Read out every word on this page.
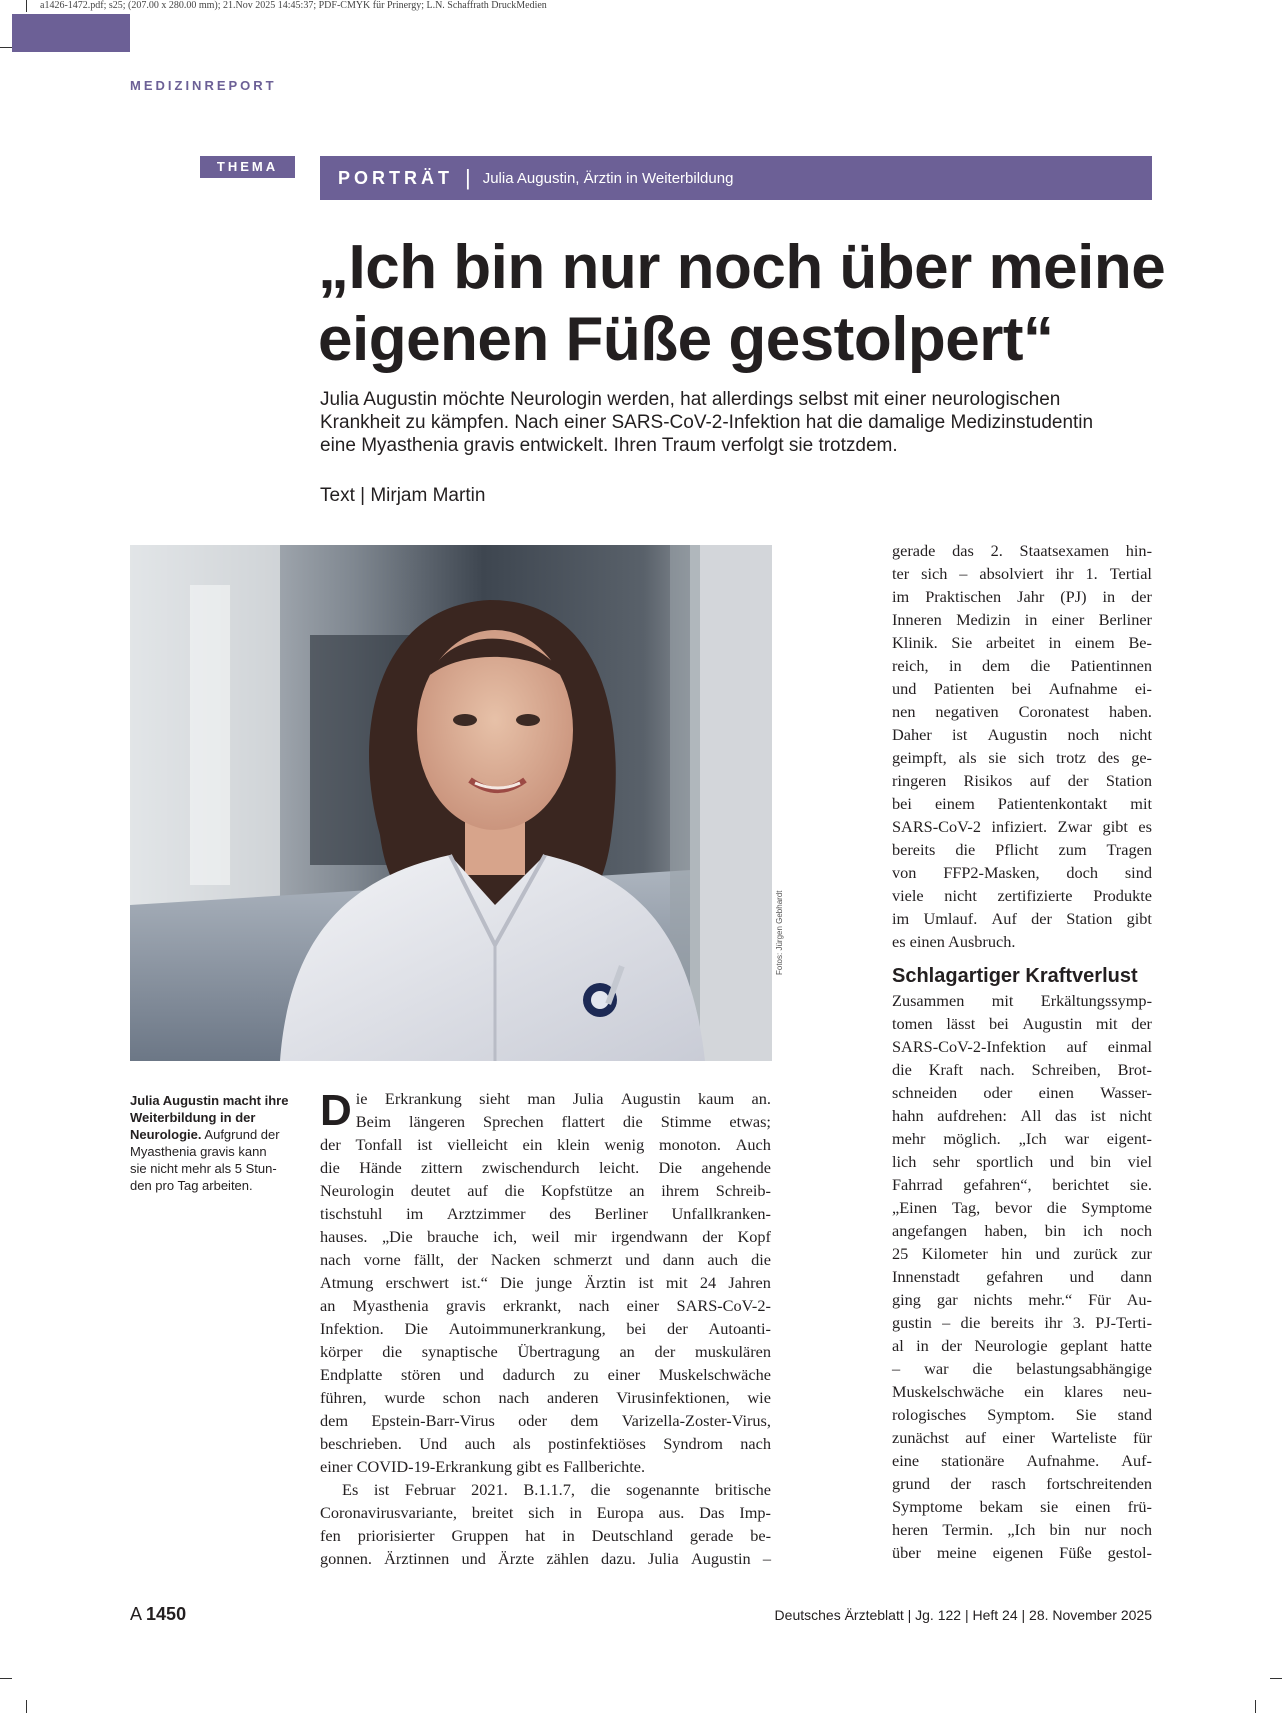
a1426-1472.pdf; s25; (207.00 x 280.00 mm); 21.Nov 2025 14:45:37; PDF-CMYK für Prinergy; L.N. Schaffrath DruckMedien
MEDIZINREPORT
THEMA
PORTRÄT | Julia Augustin, Ärztin in Weiterbildung
„Ich bin nur noch über meine
eigenen Füße gestolpert“
Julia Augustin möchte Neurologin werden, hat allerdings selbst mit einer neurologischen
Krankheit zu kämpfen. Nach einer SARS-CoV-2-Infektion hat die damalige Medizinstudentin
eine Myasthenia gravis entwickelt. Ihren Traum verfolgt sie trotzdem.
Text | Mirjam Martin
Fotos: Jürgen Gebhardt
Julia Augustin macht ihre
Weiterbildung in der
Neurologie. Aufgrund der
Myasthenia gravis kann
sie nicht mehr als 5 Stun-
den pro Tag arbeiten.
D ie Erkrankung sieht man Julia Augustin kaum an.
Beim längeren Sprechen flattert die Stimme etwas;
der Tonfall ist vielleicht ein klein wenig monoton. Auch
die Hände zittern zwischendurch leicht. Die angehende
Neurologin deutet auf die Kopfstütze an ihrem Schreib-
tischstuhl im Arztzimmer des Berliner Unfallkranken-
hauses. „Die brauche ich, weil mir irgendwann der Kopf
nach vorne fällt, der Nacken schmerzt und dann auch die
Atmung erschwert ist.“ Die junge Ärztin ist mit 24 Jahren
an Myasthenia gravis erkrankt, nach einer SARS-CoV-2-
Infektion. Die Autoimmunerkrankung, bei der Autoanti-
körper die synaptische Übertragung an der muskulären
Endplatte stören und dadurch zu einer Muskelschwäche
führen, wurde schon nach anderen Virusinfektionen, wie
dem Epstein-Barr-Virus oder dem Varizella-Zoster-Virus,
beschrieben. Und auch als postinfektiöses Syndrom nach
einer COVID-19-Erkrankung gibt es Fallberichte.
Es ist Februar 2021. B.1.1.7, die sogenannte britische
Coronavirusvariante, breitet sich in Europa aus. Das Imp-
fen priorisierter Gruppen hat in Deutschland gerade be-
gonnen. Ärztinnen und Ärzte zählen dazu. Julia Augustin –
gerade das 2. Staatsexamen hin-
ter sich – absolviert ihr 1. Tertial
im Praktischen Jahr (PJ) in der
Inneren Medizin in einer Berliner
Klinik. Sie arbeitet in einem Be-
reich, in dem die Patientinnen
und Patienten bei Aufnahme ei-
nen negativen Coronatest haben.
Daher ist Augustin noch nicht
geimpft, als sie sich trotz des ge-
ringeren Risikos auf der Station
bei einem Patientenkontakt mit
SARS-CoV-2 infiziert. Zwar gibt es
bereits die Pflicht zum Tragen
von FFP2-Masken, doch sind
viele nicht zertifizierte Produkte
im Umlauf. Auf der Station gibt
es einen Ausbruch.
Schlagartiger Kraftverlust
Zusammen mit Erkältungssymp-
tomen lässt bei Augustin mit der
SARS-CoV-2-Infektion auf einmal
die Kraft nach. Schreiben, Brot-
schneiden oder einen Wasser-
hahn aufdrehen: All das ist nicht
mehr möglich. „Ich war eigent-
lich sehr sportlich und bin viel
Fahrrad gefahren“, berichtet sie.
„Einen Tag, bevor die Symptome
angefangen haben, bin ich noch
25 Kilometer hin und zurück zur
Innenstadt gefahren und dann
ging gar nichts mehr.“ Für Au-
gustin – die bereits ihr 3. PJ-Terti-
al in der Neurologie geplant hatte
– war die belastungsabhängige
Muskelschwäche ein klares neu-
rologisches Symptom. Sie stand
zunächst auf einer Warteliste für
eine stationäre Aufnahme. Auf-
grund der rasch fortschreitenden
Symptome bekam sie einen frü-
heren Termin. „Ich bin nur noch
über meine eigenen Füße gestol-
A 1450	Deutsches Ärzteblatt | Jg. 122 | Heft 24 | 28. November 2025
